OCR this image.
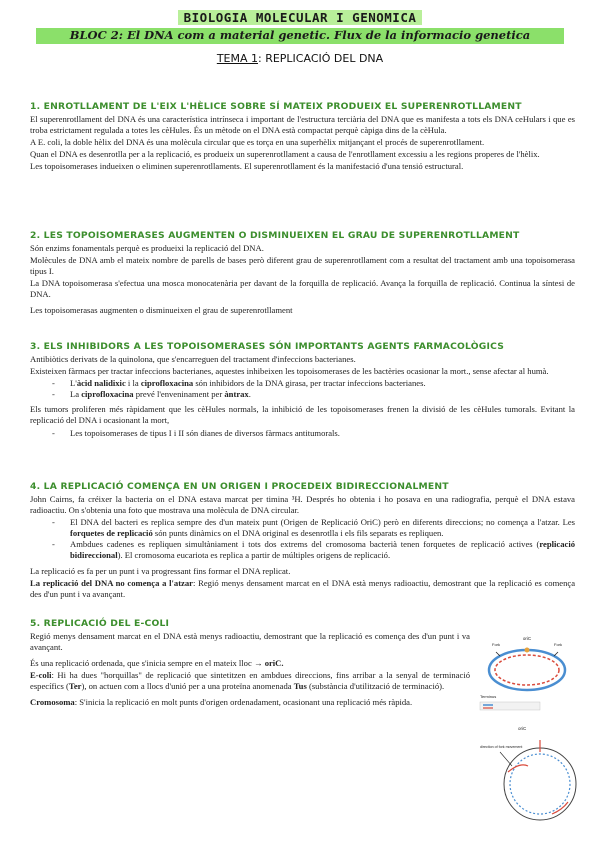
BIOLOGIA MOLECULAR I GENOMICA
BLOC 2: El DNA com a material genetic. Flux de la informacio genetica
TEMA 1: REPLICACIÓ DEL DNA
1. ENROTLLAMENT DE L'EIX L'HÈLICE SOBRE SÍ MATEIX PRODUEIX EL SUPERENROTLLAMENT

El superenrotllament del DNA és una característica intrínseca i important de l'estructura terciària del DNA que es manifesta a tots els DNA ceHulars i que es troba estrictament regulada a totes les cèHules. És un mètode on el DNA està compactat perquè càpiga dins de la cèHula.

A E. coli, la doble hèlix del DNA és una molècula circular que es torça en una superhèlix mitjançant el procés de superenrotllament.

Quan el DNA es desenrotlla per a la replicació, es produeix un superenrotllament a causa de l'enrotllament excessiu a les regions properes de l'hèlix.

Les topoisomerases indueixen o eliminen superenrotllaments. El superenrotllament és la manifestació d'una tensió estructural.

2. LES TOPOISOMERASES AUGMENTEN O DISMINUEIXEN EL GRAU DE SUPERENROTLLAMENT

Són enzims fonamentals perquè es produeixi la replicació del DNA.

Molècules de DNA amb el mateix nombre de parells de bases però diferent grau de superenrotllament com a resultat del tractament amb una topoisomerasa tipus I.

La DNA topoisomerasa s'efectua una mosca monocatenària per davant de la forquilla de replicació. Avança la forquilla de replicació. Continua la síntesi de DNA.

Les topoisomerasas augmenten o disminueixen el grau de superenrotllament

3. ELS INHIBIDORS A LES TOPOISOMERASES SÓN IMPORTANTS AGENTS FARMACOLÒGICS

Antibiòtics derivats de la quinolona, que s'encarreguen del tractament d'infeccions bacterianes.

Existeixen fàrmacs per tractar infeccions bacterianes, aquestes inhibeixen les topoisomerases de les bactèries ocasionar la mort., sense afectar al humà.

- L'àcid nalidixic i la ciprofloxacina són inhibidors de la DNA girasa, per tractar infeccions bacterianes.
- La ciprofloxacina prevé l'enveninament per àntrax.

Els tumors proliferen més ràpidament que les cèHules normals, la inhibició de les topoisomerases frenen la divisió de les cèHules tumorals. Evitant la replicació del DNA i ocasionant la mort,

- Les topoisomerases de tipus I i II són dianes de diversos fàrmacs antitumorals.
4. LA REPLICACIÓ COMENÇA EN UN ORIGEN I PROCEDEIX BIDIRECCIONALMENT

John Cairns, fa créixer la bacteria on el DNA estava marcat per timina ³H. Després ho obtenia i ho posava en una radiografia, perquè el DNA estava radioactiu. On s'obtenia una foto que mostrava una molècula de DNA circular.

- El DNA del bacteri es replica sempre des d'un mateix punt (Origen de Replicació OriC) però en diferents direccions; no comença a l'atzar. Les forquetes de replicació són punts dinàmics on el DNA original es desenrotlla i els fils separats es repliquen.
- Ambdues cadenes es repliquen simultàniament i tots dos extrems del cromosoma bacterià tenen forquetes de replicació actives (replicació bidireccional). El cromosoma eucariota es replica a partir de múltiples origens de replicació.

La replicació es fa per un punt i va progressant fins formar el DNA replicat.

La replicació del DNA no comença a l'atzar: Regió menys densament marcat en el DNA està menys radioactiu, demostrant que la replicació es comença des d'un punt i va avançant.

5. REPLICACIÓ DEL E-COLI

Regió menys densament marcat en el DNA està menys radioactiu, demostrant que la replicació es comença des d'un punt i va avançant.

És una replicació ordenada, que s'inicia sempre en el mateix lloc → oriC.

E-coli: Hi ha dues "horquillas" de replicació que sintetitzen en ambdues direccions, fins arribar a la senyal de terminació específics (Ter), on actuen com a llocs d'unió per a una proteïna anomenada Tus (substància d'utilització de terminació).

Cromosoma: S'inicia la replicació en molt punts d'origen ordenadament, ocasionant una replicació més ràpida.

oriC
Fork	Fork
Terminus
oriC
direction of fork movement
